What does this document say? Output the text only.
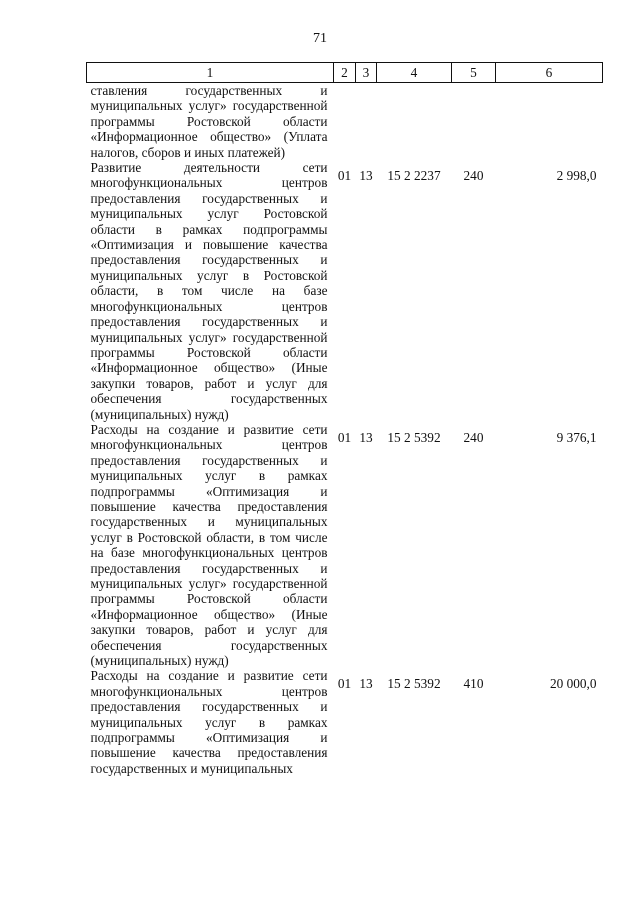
71
1	2	3	4	5	6
ставления государственных и муниципальных услуг» государственной программы Ростовской области «Информационное общество» (Уплата налогов, сборов и иных платежей)					
Развитие деятельности сети многофункциональных центров предоставления государственных и муниципальных услуг Ростовской области в рамках подпрограммы «Оптимизация и повышение качества предоставления государственных и муниципальных услуг в Ростовской области, в том числе на базе многофункциональных центров предоставления государственных и муниципальных услуг» государственной программы Ростовской области «Информационное общество» (Иные закупки товаров, работ и услуг для обеспечения государственных (муниципальных) нужд)	01	13	15 2 2237	240	2 998,0
Расходы на создание и развитие сети многофункциональных центров предоставления государственных и муниципальных услуг в рамках подпрограммы «Оптимизация и повышение качества предоставления государственных и муниципальных услуг в Ростовской области, в том числе на базе многофункциональных центров предоставления государственных и муниципальных услуг» государственной программы Ростовской области «Информационное общество» (Иные закупки товаров, работ и услуг для обеспечения государственных (муниципальных) нужд)	01	13	15 2 5392	240	9 376,1
Расходы на создание и развитие сети многофункциональных центров предоставления государственных и муниципальных услуг в рамках подпрограммы «Оптимизация и повышение качества предоставления государственных и муниципальных	01	13	15 2 5392	410	20 000,0
